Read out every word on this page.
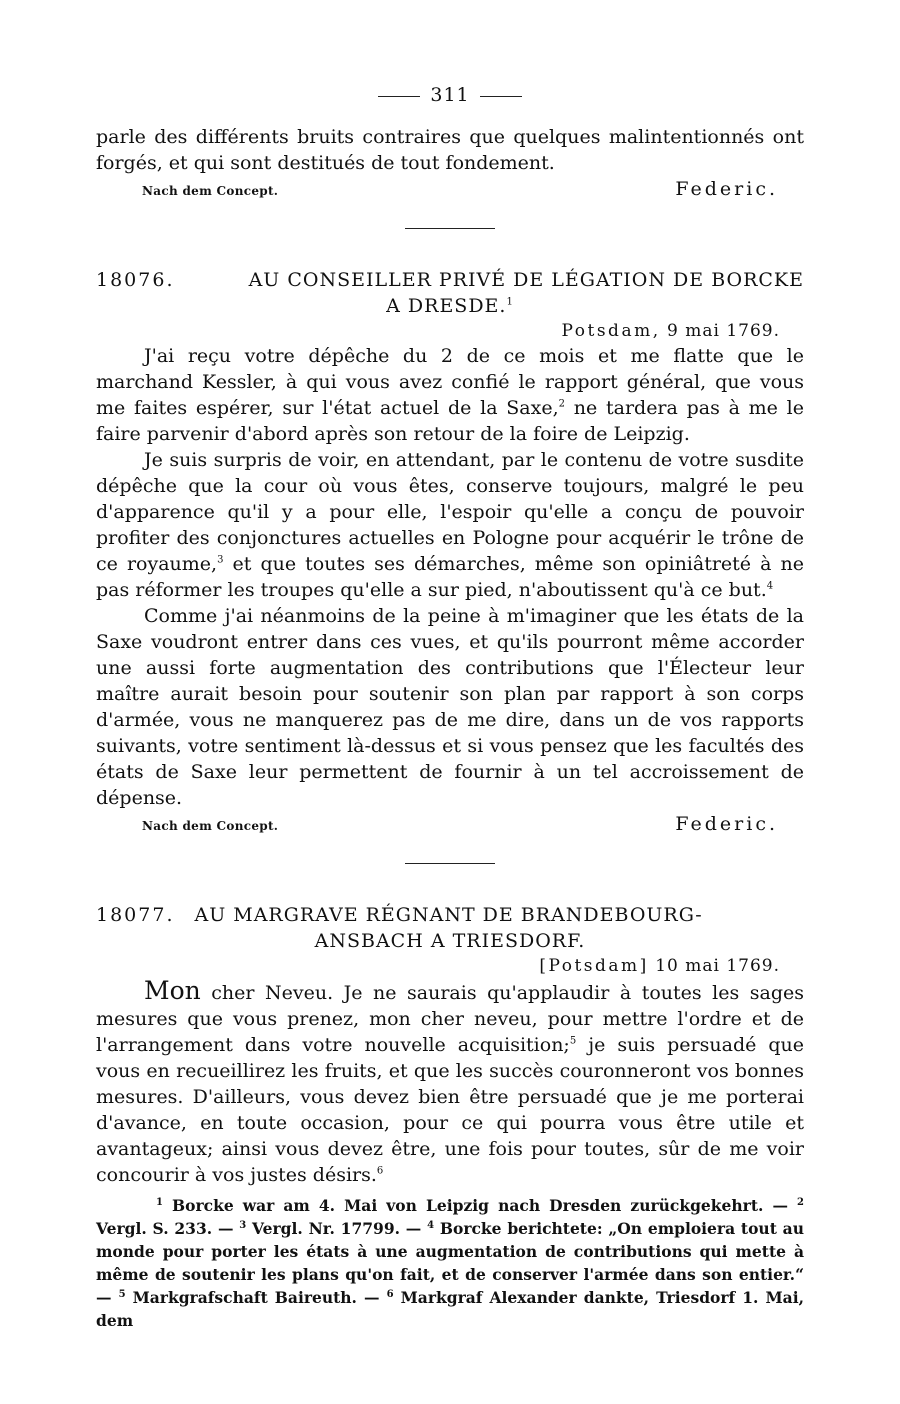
311

parle des différents bruits contraires que quelques malintentionnés ont forgés, et qui sont destitués de tout fondement.

Nach dem Concept.	Federic.
18076.	AU CONSEILLER PRIVÉ DE LÉGATION DE BORCKE
A DRESDE.$^1$
Potsdam, 9 mai 1769.

J'ai reçu votre dépêche du 2 de ce mois et me flatte que le marchand Kessler, à qui vous avez confié le rapport général, que vous me faites espérer, sur l'état actuel de la Saxe,$^2$ ne tardera pas à me le faire parvenir d'abord après son retour de la foire de Leipzig.

Je suis surpris de voir, en attendant, par le contenu de votre susdite dépêche que la cour où vous êtes, conserve toujours, malgré le peu d'apparence qu'il y a pour elle, l'espoir qu'elle a conçu de pouvoir profiter des conjonctures actuelles en Pologne pour acquérir le trône de ce royaume,$^3$ et que toutes ses démarches, même son opiniâtreté à ne pas réformer les troupes qu'elle a sur pied, n'aboutissent qu'à ce but.$^4$

Comme j'ai néanmoins de la peine à m'imaginer que les états de la Saxe voudront entrer dans ces vues, et qu'ils pourront même accorder une aussi forte augmentation des contributions que l'Électeur leur maître aurait besoin pour soutenir son plan par rapport à son corps d'armée, vous ne manquerez pas de me dire, dans un de vos rapports suivants, votre sentiment là-dessus et si vous pensez que les facultés des états de Saxe leur permettent de fournir à un tel accroissement de dépense.

Nach dem Concept.	Federic.
18077. AU MARGRAVE RÉGNANT DE BRANDEBOURG-
ANSBACH A TRIESDORF.
[Potsdam] 10 mai 1769.

Mon cher Neveu. Je ne saurais qu'applaudir à toutes les sages mesures que vous prenez, mon cher neveu, pour mettre l'ordre et de l'arrangement dans votre nouvelle acquisition;$^5$ je suis persuadé que vous en recueillirez les fruits, et que les succès couronneront vos bonnes mesures. D'ailleurs, vous devez bien être persuadé que je me porterai d'avance, en toute occasion, pour ce qui pourra vous être utile et avantageux; ainsi vous devez être, une fois pour toutes, sûr de me voir concourir à vos justes désirs.$^6$

$^1$ Borcke war am 4. Mai von Leipzig nach Dresden zurückgekehrt. — $^2$ Vergl. S. 233. — $^3$ Vergl. Nr. 17799. — $^4$ Borcke berichtete: „On emploiera tout au monde pour porter les états à une augmentation de contributions qui mette à même de soutenir les plans qu'on fait, et de conserver l'armée dans son entier.“ — $^5$ Markgrafschaft Baireuth. — $^6$ Markgraf Alexander dankte, Triesdorf 1. Mai, dem
